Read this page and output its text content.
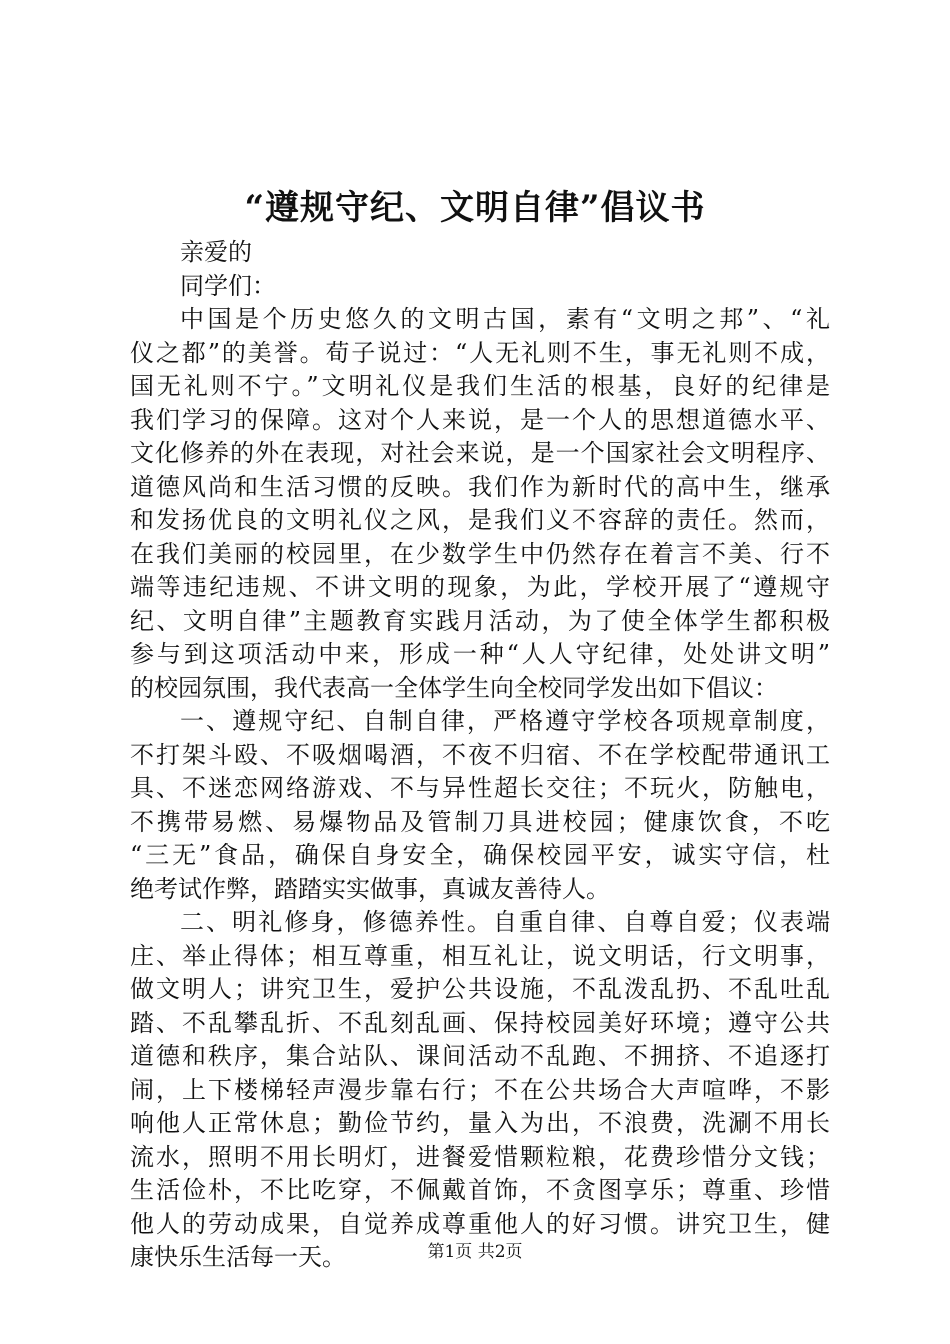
“遵规守纪、文明自律”倡议书
亲爱的
同学们：
中国是个历史悠久的文明古国，素有“文明之邦”、“礼
仪之都”的美誉。荀子说过：“人无礼则不生，事无礼则不成，
国无礼则不宁。”文明礼仪是我们生活的根基，良好的纪律是
我们学习的保障。这对个人来说，是一个人的思想道德水平、
文化修养的外在表现，对社会来说，是一个国家社会文明程序、
道德风尚和生活习惯的反映。我们作为新时代的高中生，继承
和发扬优良的文明礼仪之风，是我们义不容辞的责任。然而，
在我们美丽的校园里，在少数学生中仍然存在着言不美、行不
端等违纪违规、不讲文明的现象，为此，学校开展了“遵规守
纪、文明自律”主题教育实践月活动，为了使全体学生都积极
参与到这项活动中来，形成一种“人人守纪律，处处讲文明”
的校园氛围，我代表高一全体学生向全校同学发出如下倡议：
一、遵规守纪、自制自律，严格遵守学校各项规章制度，
不打架斗殴、不吸烟喝酒，不夜不归宿、不在学校配带通讯工
具、不迷恋网络游戏、不与异性超长交往；不玩火，防触电，
不携带易燃、易爆物品及管制刀具进校园；健康饮食，不吃
“三无”食品，确保自身安全，确保校园平安，诚实守信，杜
绝考试作弊，踏踏实实做事，真诚友善待人。
二、明礼修身，修德养性。自重自律、自尊自爱；仪表端
庄、举止得体；相互尊重，相互礼让，说文明话，行文明事，
做文明人；讲究卫生，爱护公共设施，不乱泼乱扔、不乱吐乱
踏、不乱攀乱折、不乱刻乱画、保持校园美好环境；遵守公共
道德和秩序，集合站队、课间活动不乱跑、不拥挤、不追逐打
闹，上下楼梯轻声漫步靠右行；不在公共场合大声喧哗，不影
响他人正常休息；勤俭节约，量入为出，不浪费，洗涮不用长
流水，照明不用长明灯，进餐爱惜颗粒粮，花费珍惜分文钱；
生活俭朴，不比吃穿，不佩戴首饰，不贪图享乐；尊重、珍惜
他人的劳动成果，自觉养成尊重他人的好习惯。讲究卫生，健
康快乐生活每一天。	第1页 共2页
